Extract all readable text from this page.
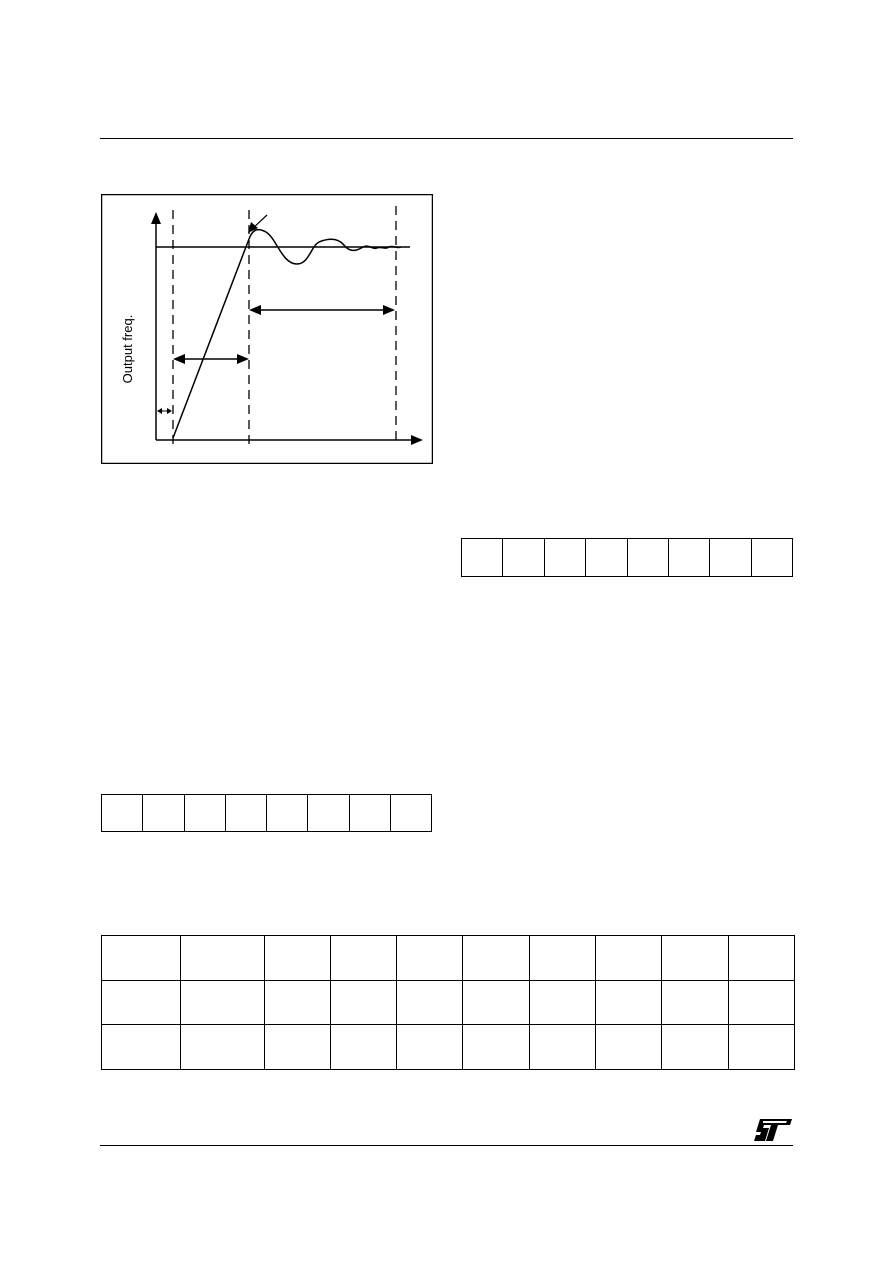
Output freq.
